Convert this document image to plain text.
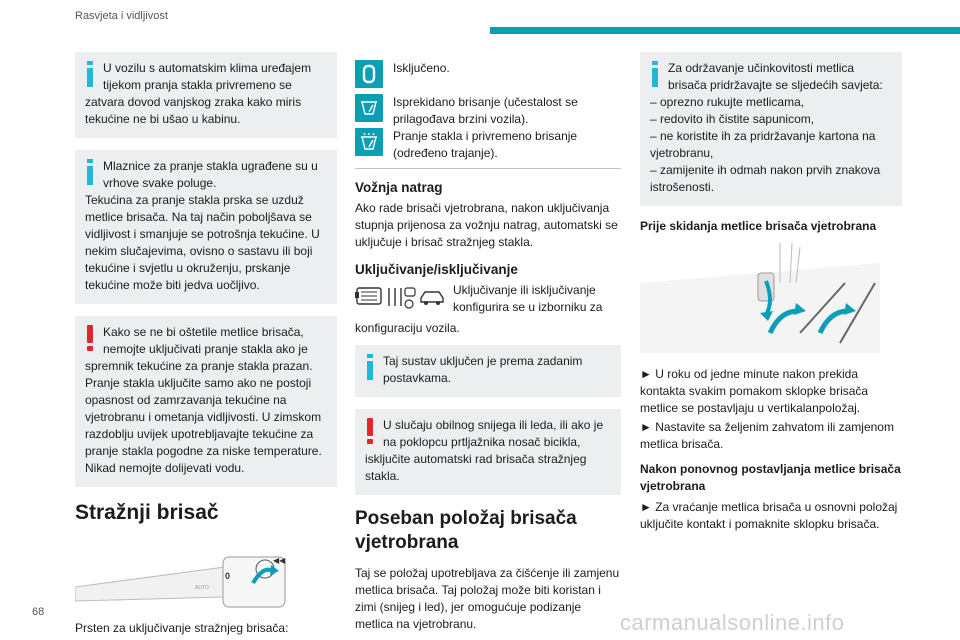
Rasvjeta i vidljivost
U vozilu s automatskim klima uređajem tijekom pranja stakla privremeno se
zatvara dovod vanjskog zraka kako miris tekućine ne bi ušao u kabinu.
Mlaznice za pranje stakla ugrađene su u vrhove svake poluge.
Tekućina za pranje stakla prska se uzduž metlice brisača. Na taj način poboljšava se vidljivost i smanjuje se potrošnja tekućine. U nekim slučajevima, ovisno o sastavu ili boji tekućine i svjetlu u okruženju, prskanje tekućine može biti jedva uočljivo.
Kako se ne bi oštetile metlice brisača, nemojte uključivati pranje stakla ako je
spremnik tekućine za pranje stakla prazan. Pranje stakla uključite samo ako ne postoji opasnost od zamrzavanja tekućine na vjetrobranu i ometanja vidljivosti. U zimskom razdoblju uvijek upotrebljavajte tekućine za pranje stakla pogodne za niske temperature. Nikad nemojte dolijevati vodu.
Stražnji brisač
AUTO
0
◀◀

Prsten za uključivanje stražnjeg brisača:

Isključeno.
Isprekidano brisanje (učestalost se prilagođava brzini vozila).
Pranje stakla i privremeno brisanje (određeno trajanje).
Vožnja natrag

Ako rade brisači vjetrobrana, nakon uključivanja stupnja prijenosa za vožnju natrag, automatski se uključuje i brisač stražnjeg stakla.

Uključivanje/isključivanje
Uključivanje ili isključivanje konfigurira se u izborniku za

konfiguraciju vozila.

Taj sustav uključen je prema zadanim postavkama.
U slučaju obilnog snijega ili leda, ili ako je na poklopcu prtljažnika nosač bicikla,
isključite automatski rad brisača stražnjeg stakla.
Poseban položaj brisača vjetrobrana

Taj se položaj upotrebljava za čišćenje ili zamjenu metlica brisača. Taj položaj može biti koristan i zimi (snijeg i led), jer omogućuje podizanje metlica na vjetrobranu.

Za održavanje učinkovitosti metlica brisača pridržavajte se sljedećih savjeta:
– oprezno rukujte metlicama,
– redovito ih čistite sapunicom,
– ne koristite ih za pridržavanje kartona na vjetrobranu,
– zamijenite ih odmah nakon prvih znakova istrošenosti.
Prije skidanja metlice brisača vjetrobrana

► U roku od jedne minute nakon prekida kontakta svakim pomakom sklopke brisača metlice se postavljaju u vertikalanpoložaj.

► Nastavite sa željenim zahvatom ili zamjenom metlica brisača.

Nakon ponovnog postavljanja metlice brisača vjetrobrana

► Za vraćanje metlica brisača u osnovni položaj uključite kontakt i pomaknite sklopku brisača.

68	carmanualsonline.info
